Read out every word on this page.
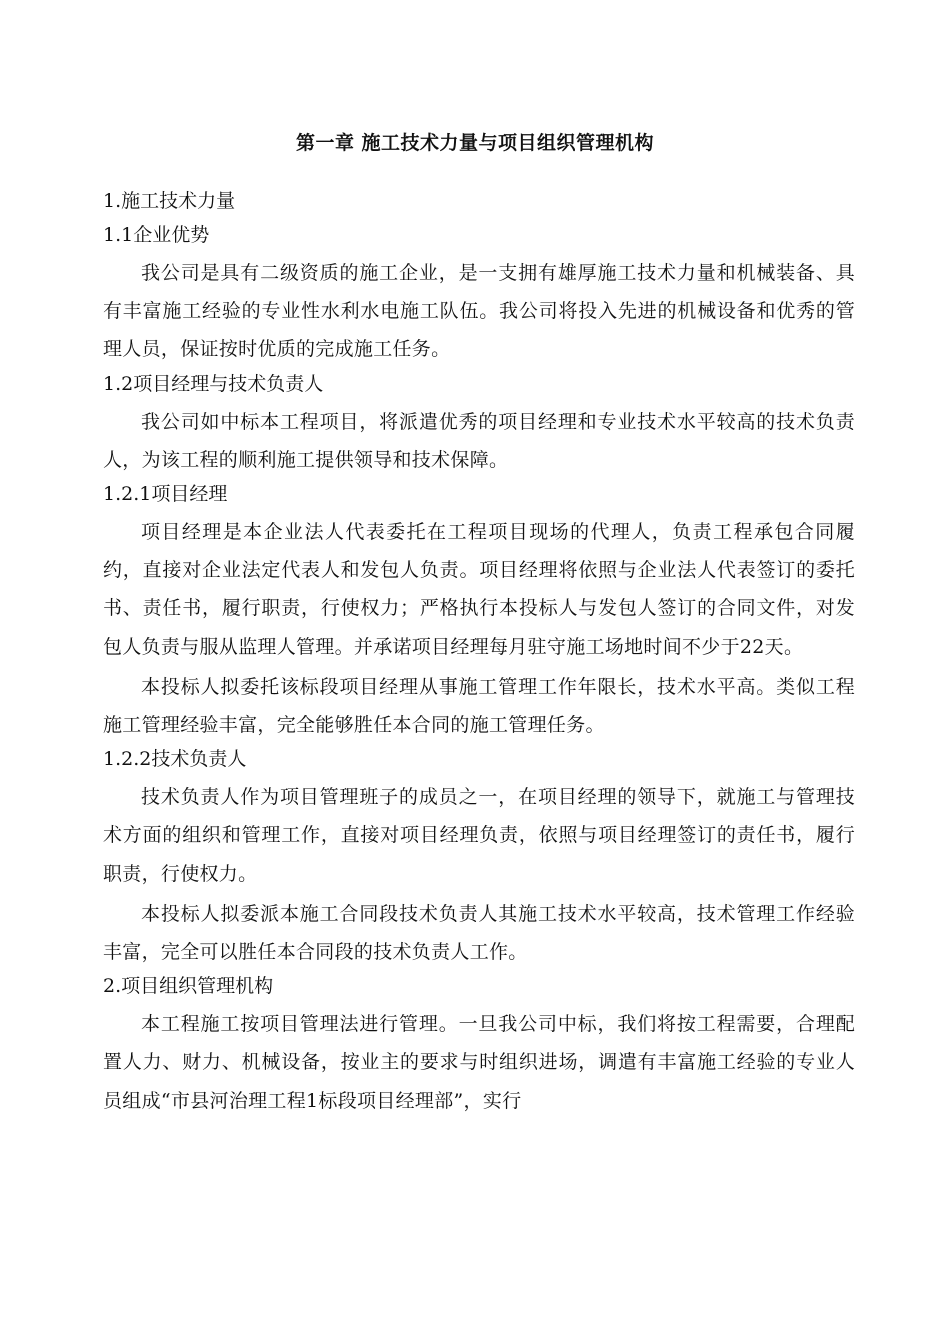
第一章 施工技术力量与项目组织管理机构
1.施工技术力量
1.1企业优势

我公司是具有二级资质的施工企业，是一支拥有雄厚施工技术力量和机械装备、具有丰富施工经验的专业性水利水电施工队伍。我公司将投入先进的机械设备和优秀的管理人员，保证按时优质的完成施工任务。

1.2项目经理与技术负责人

我公司如中标本工程项目，将派遣优秀的项目经理和专业技术水平较高的技术负责人，为该工程的顺利施工提供领导和技术保障。

1.2.1项目经理

项目经理是本企业法人代表委托在工程项目现场的代理人，负责工程承包合同履约，直接对企业法定代表人和发包人负责。项目经理将依照与企业法人代表签订的委托书、责任书，履行职责，行使权力；严格执行本投标人与发包人签订的合同文件，对发包人负责与服从监理人管理。并承诺项目经理每月驻守施工场地时间不少于22天。

本投标人拟委托该标段项目经理从事施工管理工作年限长，技术水平高。类似工程施工管理经验丰富，完全能够胜任本合同的施工管理任务。

1.2.2技术负责人

技术负责人作为项目管理班子的成员之一，在项目经理的领导下，就施工与管理技术方面的组织和管理工作，直接对项目经理负责，依照与项目经理签订的责任书，履行职责，行使权力。

本投标人拟委派本施工合同段技术负责人其施工技术水平较高，技术管理工作经验丰富，完全可以胜任本合同段的技术负责人工作。

2.项目组织管理机构

本工程施工按项目管理法进行管理。一旦我公司中标，我们将按工程需要，合理配置人力、财力、机械设备，按业主的要求与时组织进场，调遣有丰富施工经验的专业人员组成“市县河治理工程1标段项目经理部”，实行
